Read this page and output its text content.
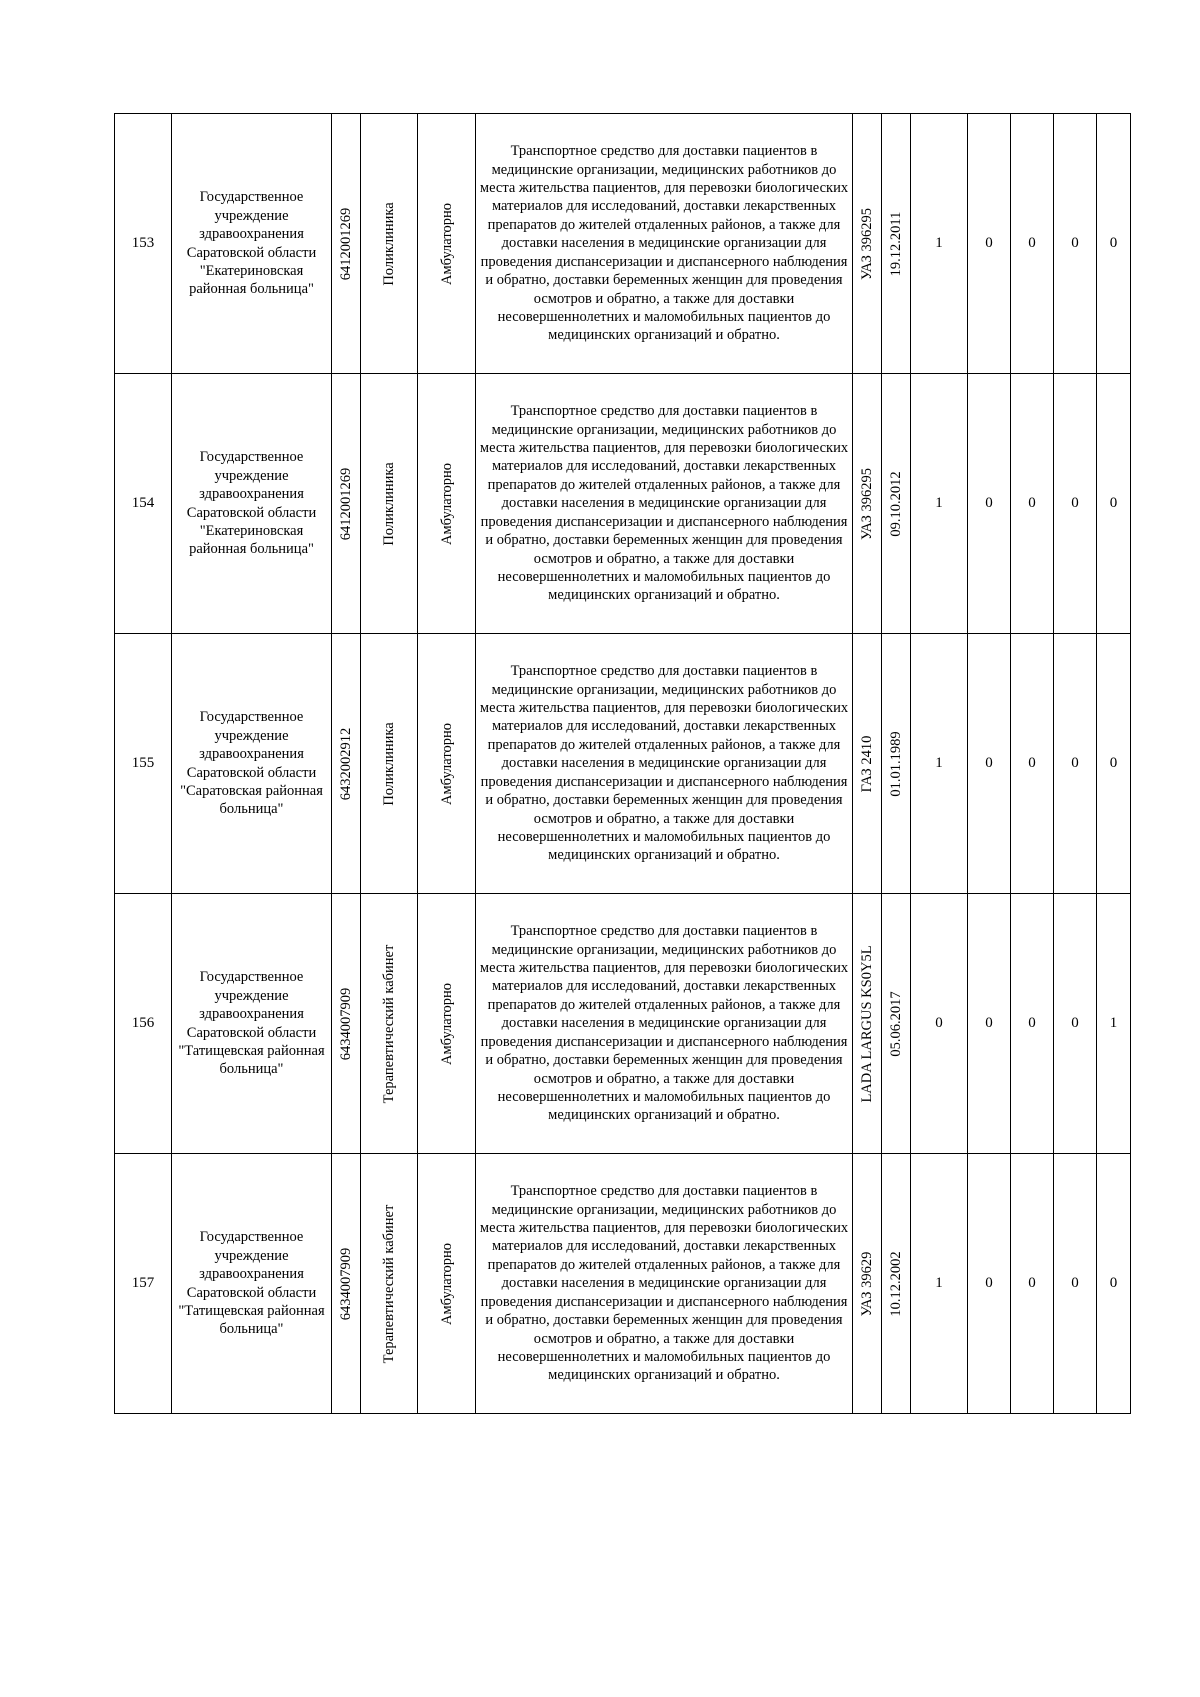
153	Государственное учреждение здравоохранения Саратовской области "Екатериновская районная больница"	6412001269	Поликлиника	Амбулаторно	Транспортное средство для доставки пациентов в медицинские организации, медицинских работников до места жительства пациентов, для перевозки биологических материалов для исследований, доставки лекарственных препаратов до жителей отдаленных районов, а также для доставки населения в медицинские организации для проведения диспансеризации и диспансерного наблюдения и обратно, доставки беременных женщин для проведения осмотров и обратно, а также для доставки несовершеннолетних и маломобильных пациентов до медицинских организаций и обратно.	УАЗ 396295	19.12.2011	1	0	0	0	0
154	Государственное учреждение здравоохранения Саратовской области "Екатериновская районная больница"	6412001269	Поликлиника	Амбулаторно	Транспортное средство для доставки пациентов в медицинские организации, медицинских работников до места жительства пациентов, для перевозки биологических материалов для исследований, доставки лекарственных препаратов до жителей отдаленных районов, а также для доставки населения в медицинские организации для проведения диспансеризации и диспансерного наблюдения и обратно, доставки беременных женщин для проведения осмотров и обратно, а также для доставки несовершеннолетних и маломобильных пациентов до медицинских организаций и обратно.	УАЗ 396295	09.10.2012	1	0	0	0	0
155	Государственное учреждение здравоохранения Саратовской области "Саратовская районная больница"	6432002912	Поликлиника	Амбулаторно	Транспортное средство для доставки пациентов в медицинские организации, медицинских работников до места жительства пациентов, для перевозки биологических материалов для исследований, доставки лекарственных препаратов до жителей отдаленных районов, а также для доставки населения в медицинские организации для проведения диспансеризации и диспансерного наблюдения и обратно, доставки беременных женщин для проведения осмотров и обратно, а также для доставки несовершеннолетних и маломобильных пациентов до медицинских организаций и обратно.	ГАЗ 2410	01.01.1989	1	0	0	0	0
156	Государственное учреждение здравоохранения Саратовской области "Татищевская районная больница"	6434007909	Терапевтический кабинет	Амбулаторно	Транспортное средство для доставки пациентов в медицинские организации, медицинских работников до места жительства пациентов, для перевозки биологических материалов для исследований, доставки лекарственных препаратов до жителей отдаленных районов, а также для доставки населения в медицинские организации для проведения диспансеризации и диспансерного наблюдения и обратно, доставки беременных женщин для проведения осмотров и обратно, а также для доставки несовершеннолетних и маломобильных пациентов до медицинских организаций и обратно.	LADA LARGUS KS0Y5L	05.06.2017	0	0	0	0	1
157	Государственное учреждение здравоохранения Саратовской области "Татищевская районная больница"	6434007909	Терапевтический кабинет	Амбулаторно	Транспортное средство для доставки пациентов в медицинские организации, медицинских работников до места жительства пациентов, для перевозки биологических материалов для исследований, доставки лекарственных препаратов до жителей отдаленных районов, а также для доставки населения в медицинские организации для проведения диспансеризации и диспансерного наблюдения и обратно, доставки беременных женщин для проведения осмотров и обратно, а также для доставки несовершеннолетних и маломобильных пациентов до медицинских организаций и обратно.	УАЗ 39629	10.12.2002	1	0	0	0	0
